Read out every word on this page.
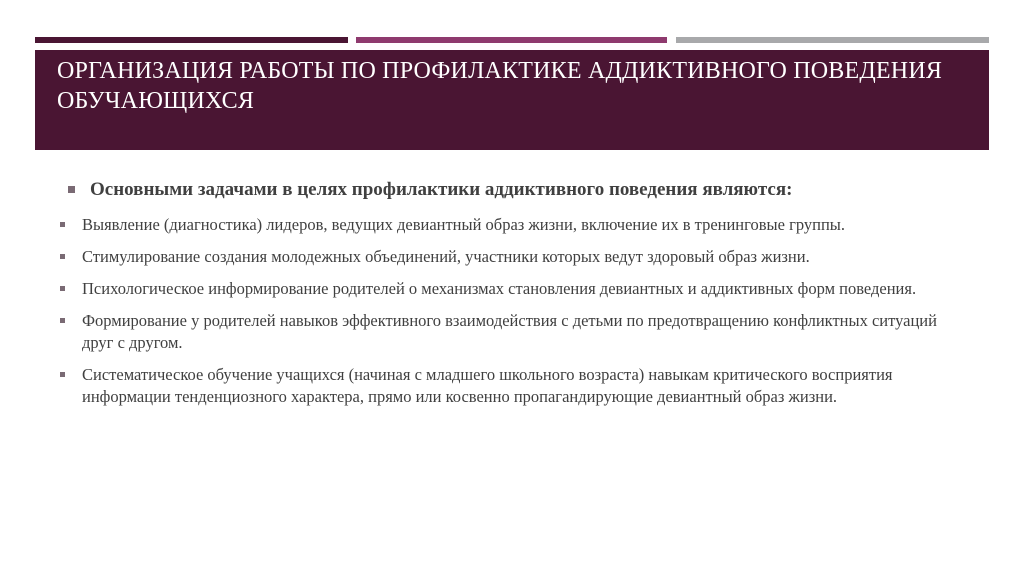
ОРГАНИЗАЦИЯ РАБОТЫ ПО ПРОФИЛАКТИКЕ АДДИКТИВНОГО ПОВЕДЕНИЯ ОБУЧАЮЩИХСЯ
Основными задачами в целях профилактики аддиктивного поведения являются:
Выявление (диагностика) лидеров, ведущих девиантный образ жизни, включение их в тренинговые группы.
Стимулирование создания молодежных объединений, участники которых ведут здоровый образ жизни.
Психологическое информирование родителей о механизмах становления девиантных и аддиктивных форм поведения.
Формирование у родителей навыков эффективного взаимодействия с детьми по предотвращению конфликтных ситуаций друг с другом.
Систематическое обучение учащихся (начиная с младшего школьного возраста) навыкам критического восприятия информации тенденциозного характера, прямо или косвенно пропагандирующие девиантный образ жизни.
